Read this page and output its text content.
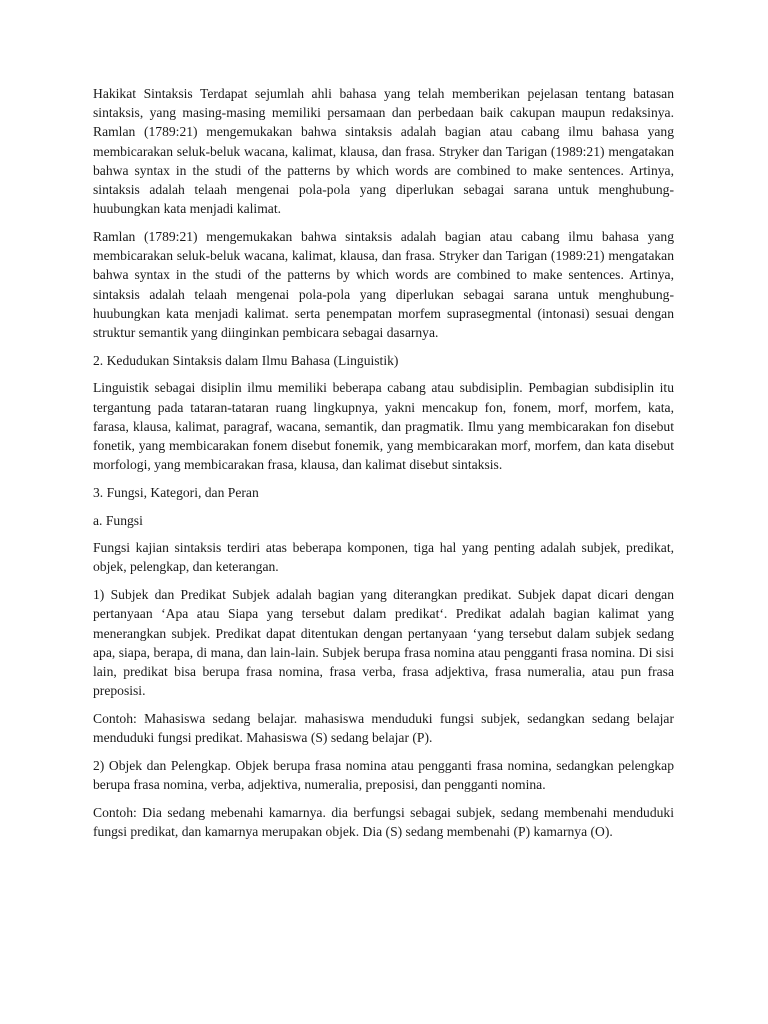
Hakikat Sintaksis Terdapat sejumlah ahli bahasa yang telah memberikan pejelasan tentang batasan sintaksis, yang masing-masing memiliki persamaan dan perbedaan baik cakupan maupun redaksinya. Ramlan (1789:21) mengemukakan bahwa sintaksis adalah bagian atau cabang ilmu bahasa yang membicarakan seluk-beluk wacana, kalimat, klausa, dan frasa. Stryker dan Tarigan (1989:21) mengatakan bahwa syntax in the studi of the patterns by which words are combined to make sentences. Artinya, sintaksis adalah telaah mengenai pola-pola yang diperlukan sebagai sarana untuk menghubung-huubungkan kata menjadi kalimat.

Ramlan (1789:21) mengemukakan bahwa sintaksis adalah bagian atau cabang ilmu bahasa yang membicarakan seluk-beluk wacana, kalimat, klausa, dan frasa. Stryker dan Tarigan (1989:21) mengatakan bahwa syntax in the studi of the patterns by which words are combined to make sentences. Artinya, sintaksis adalah telaah mengenai pola-pola yang diperlukan sebagai sarana untuk menghubung-huubungkan kata menjadi kalimat. serta penempatan morfem suprasegmental (intonasi) sesuai dengan struktur semantik yang diinginkan pembicara sebagai dasarnya.

2. Kedudukan Sintaksis dalam Ilmu Bahasa (Linguistik)

Linguistik sebagai disiplin ilmu memiliki beberapa cabang atau subdisiplin. Pembagian subdisiplin itu tergantung pada tataran-tataran ruang lingkupnya, yakni mencakup fon, fonem, morf, morfem, kata, farasa, klausa, kalimat, paragraf, wacana, semantik, dan pragmatik. Ilmu yang membicarakan fon disebut fonetik, yang membicarakan fonem disebut fonemik, yang membicarakan morf, morfem, dan kata disebut morfologi, yang membicarakan frasa, klausa, dan kalimat disebut sintaksis.

3. Fungsi, Kategori, dan Peran

a. Fungsi

Fungsi kajian sintaksis terdiri atas beberapa komponen, tiga hal yang penting adalah subjek, predikat, objek, pelengkap, dan keterangan.

1) Subjek dan Predikat Subjek adalah bagian yang diterangkan predikat. Subjek dapat dicari dengan pertanyaan ‘Apa atau Siapa yang tersebut dalam predikat‘. Predikat adalah bagian kalimat yang menerangkan subjek. Predikat dapat ditentukan dengan pertanyaan ‘yang tersebut dalam subjek sedang apa, siapa, berapa, di mana, dan lain-lain. Subjek berupa frasa nomina atau pengganti frasa nomina. Di sisi lain, predikat bisa berupa frasa nomina, frasa verba, frasa adjektiva, frasa numeralia, atau pun frasa preposisi.

Contoh: Mahasiswa sedang belajar. mahasiswa menduduki fungsi subjek, sedangkan sedang belajar menduduki fungsi predikat. Mahasiswa (S) sedang belajar (P).

2) Objek dan Pelengkap. Objek berupa frasa nomina atau pengganti frasa nomina, sedangkan pelengkap berupa frasa nomina, verba, adjektiva, numeralia, preposisi, dan pengganti nomina.

Contoh: Dia sedang mebenahi kamarnya. dia berfungsi sebagai subjek, sedang membenahi menduduki fungsi predikat, dan kamarnya merupakan objek. Dia (S) sedang membenahi (P) kamarnya (O).
